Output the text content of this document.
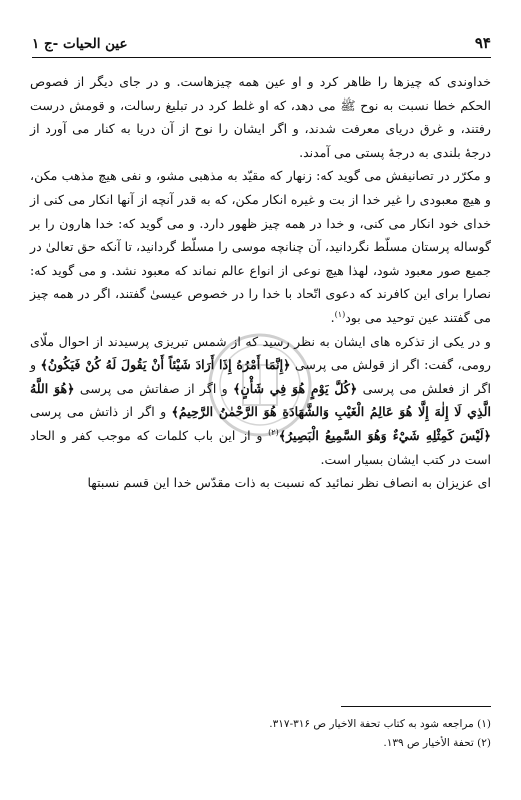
۹۴
عين الحيات -ج ۱

خداوندی که چیزها را ظاهر کرد و او عین همه چیزهاست. و در جای دیگر از فصوص الحکم خطا نسبت به نوح ﷺ می دهد، که او غلط کرد در تبلیغ رسالت، و قومش درست رفتند، و غرق دریای معرفت شدند، و اگر ایشان را نوح از آن دریا به کنار می آورد از درجهٔ بلندی به درجهٔ پستی می آمدند.

و مکرّر در تصانیفش می گوید که: زنهار که مقیّد به مذهبی مشو، و نفی هیچ مذهب مکن، و هیچ معبودی را غیر خدا از بت و غیره انکار مکن، که به قدر آنچه از آنها انکار می کنی از خدای خود انکار می کنی، و خدا در همه چیز ظهور دارد. و می گوید که: خدا هارون را بر گوساله پرستان مسلّط نگردانید، آن چنانچه موسی را مسلّط گردانید، تا آنکه حق تعالیٰ در جمیع صور معبود شود، لهذا هیچ نوعی از انواع عالم نماند که معبود نشد. و می گوید که: نصارا برای این کافرند که دعوی اتّحاد با خدا را در خصوص عیسیٰ گفتند، اگر در همه چیز می گفتند عین توحید می بود$^{(۱)}$.

و در یکی از تذکره های ایشان به نظر رسید که از شمس تبریزی پرسیدند از احوال ملّای رومی، گفت: اگر از قولش می پرسی ﴿إِنَّمَا أَمْرُهُ إِذَا أَرَادَ شَيْئاً أَنْ يَقُولَ لَهُ كُنْ فَيَكُونُ﴾ و اگر از فعلش می پرسی ﴿كُلَّ يَوْمٍ هُوَ فِي شَأْنٍ﴾ و اگر از صفاتش می پرسی ﴿هُوَ اللَّهُ الَّذِي لَا إِلٰهَ إِلَّا هُوَ عَالِمُ الْغَيْبِ وَالشَّهَادَةِ هُوَ الرَّحْمٰنُ الرَّحِيمُ﴾ و اگر از ذاتش می پرسی ﴿لَيْسَ كَمِثْلِهِ شَيْءٌ وَهُوَ السَّمِيعُ الْبَصِيرُ﴾$^{(۲)}$ و از این باب کلمات که موجب کفر و الحاد است در کتب ایشان بسیار است.

ای عزیزان به انصاف نظر نمائید که نسبت به ذات مقدّس خدا این قسم نسبتها

(۱) مراجعه شود به کتاب تحفة الاخیار ص ۳۱۶-۳۱۷.
(۲) تحفة الأخیار ص ۱۳۹.
